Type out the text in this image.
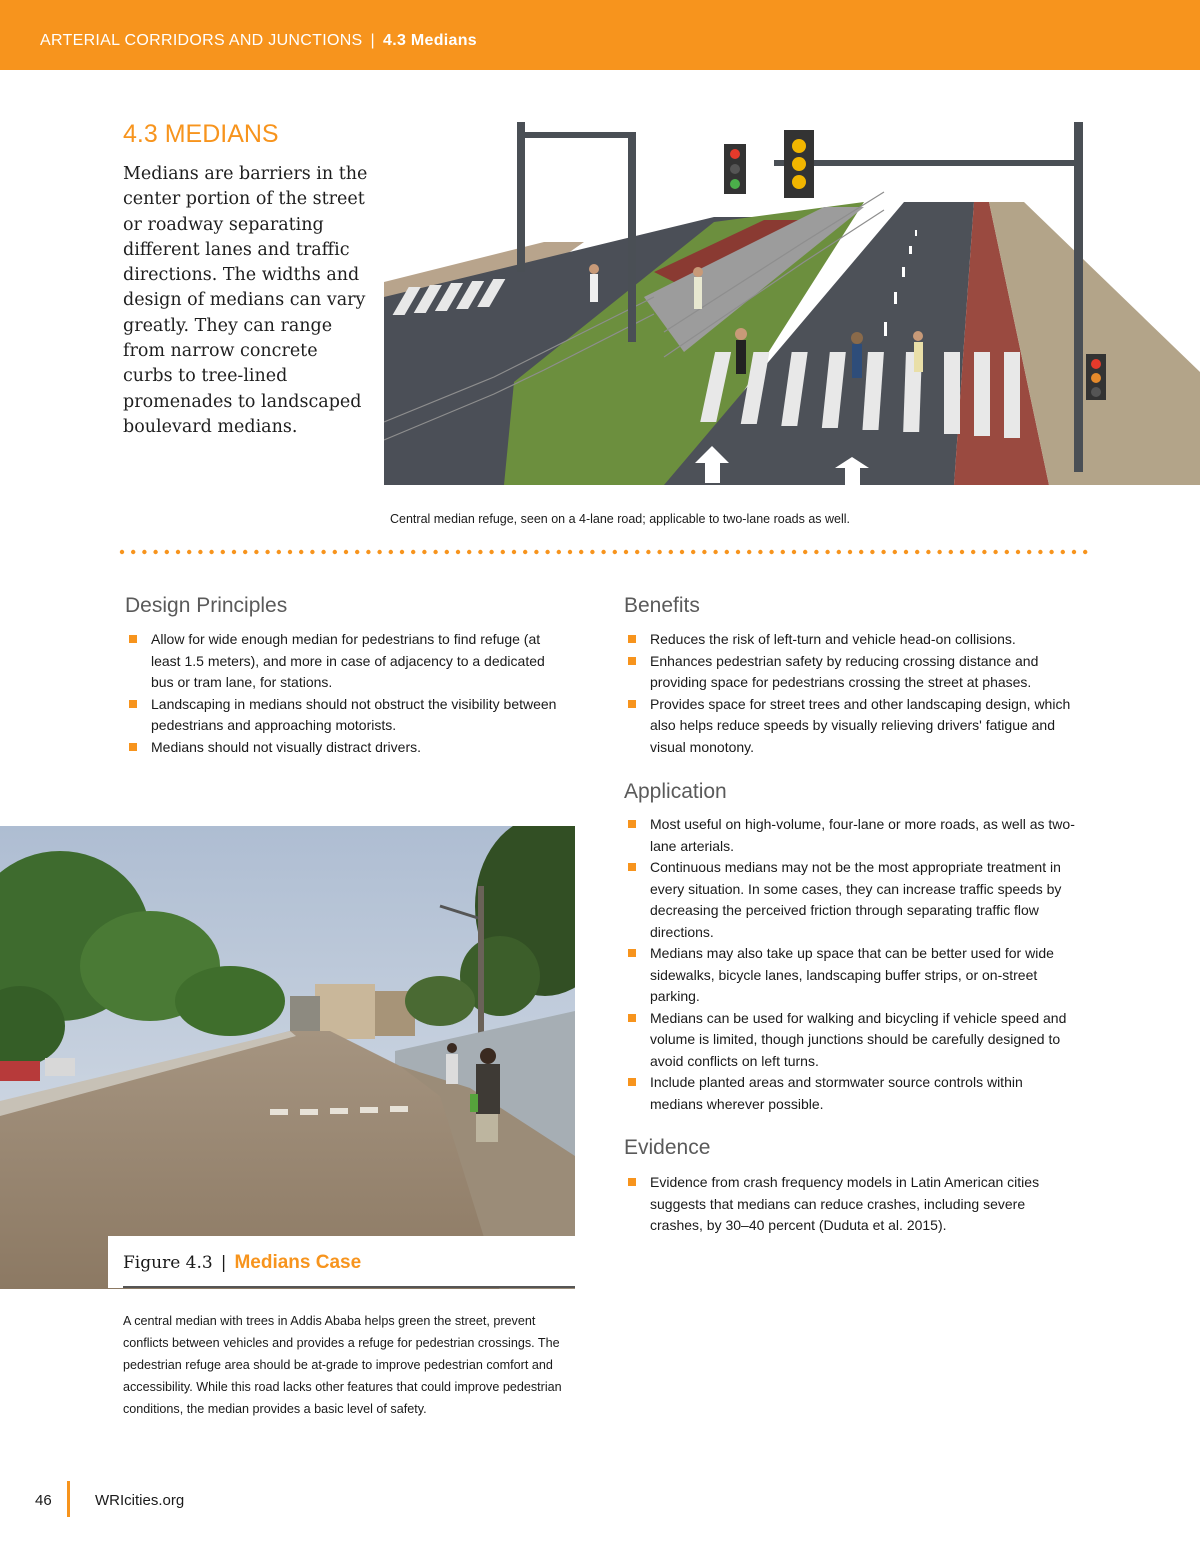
ARTERIAL CORRIDORS AND JUNCTIONS | 4.3 Medians
4.3 MEDIANS
Medians are barriers in the center portion of the street or roadway separating different lanes and traffic directions. The widths and design of medians can vary greatly. They can range from narrow concrete curbs to tree-lined promenades to landscaped boulevard medians.
Central median refuge, seen on a 4-lane road; applicable to two-lane roads as well.
Design Principles
Allow for wide enough median for pedestrians to find refuge (at least 1.5 meters), and more in case of adjacency to a dedicated bus or tram lane, for stations.
Landscaping in medians should not obstruct the visibility between pedestrians and approaching motorists.
Medians should not visually distract drivers.
Benefits
Reduces the risk of left-turn and vehicle head-on collisions.
Enhances pedestrian safety by reducing crossing distance and providing space for pedestrians crossing the street at phases.
Provides space for street trees and other landscaping design, which also helps reduce speeds by visually relieving drivers' fatigue and visual monotony.
Application
Most useful on high-volume, four-lane or more roads, as well as two-lane arterials.
Continuous medians may not be the most appropriate treatment in every situation. In some cases, they can increase traffic speeds by decreasing the perceived friction through separating traffic flow directions.
Medians may also take up space that can be better used for wide sidewalks, bicycle lanes, landscaping buffer strips, or on-street parking.
Medians can be used for walking and bicycling if vehicle speed and volume is limited, though junctions should be carefully designed to avoid conflicts on left turns.
Include planted areas and stormwater source controls within medians wherever possible.
Evidence
Evidence from crash frequency models in Latin American cities suggests that medians can reduce crashes, including severe crashes, by 30–40 percent (Duduta et al. 2015).
Figure 4.3 | Medians Case
A central median with trees in Addis Ababa helps green the street, prevent conflicts between vehicles and provides a refuge for pedestrian crossings. The pedestrian refuge area should be at-grade to improve pedestrian comfort and accessibility. While this road lacks other features that could improve pedestrian conditions, the median provides a basic level of safety.
46	WRIcities.org
